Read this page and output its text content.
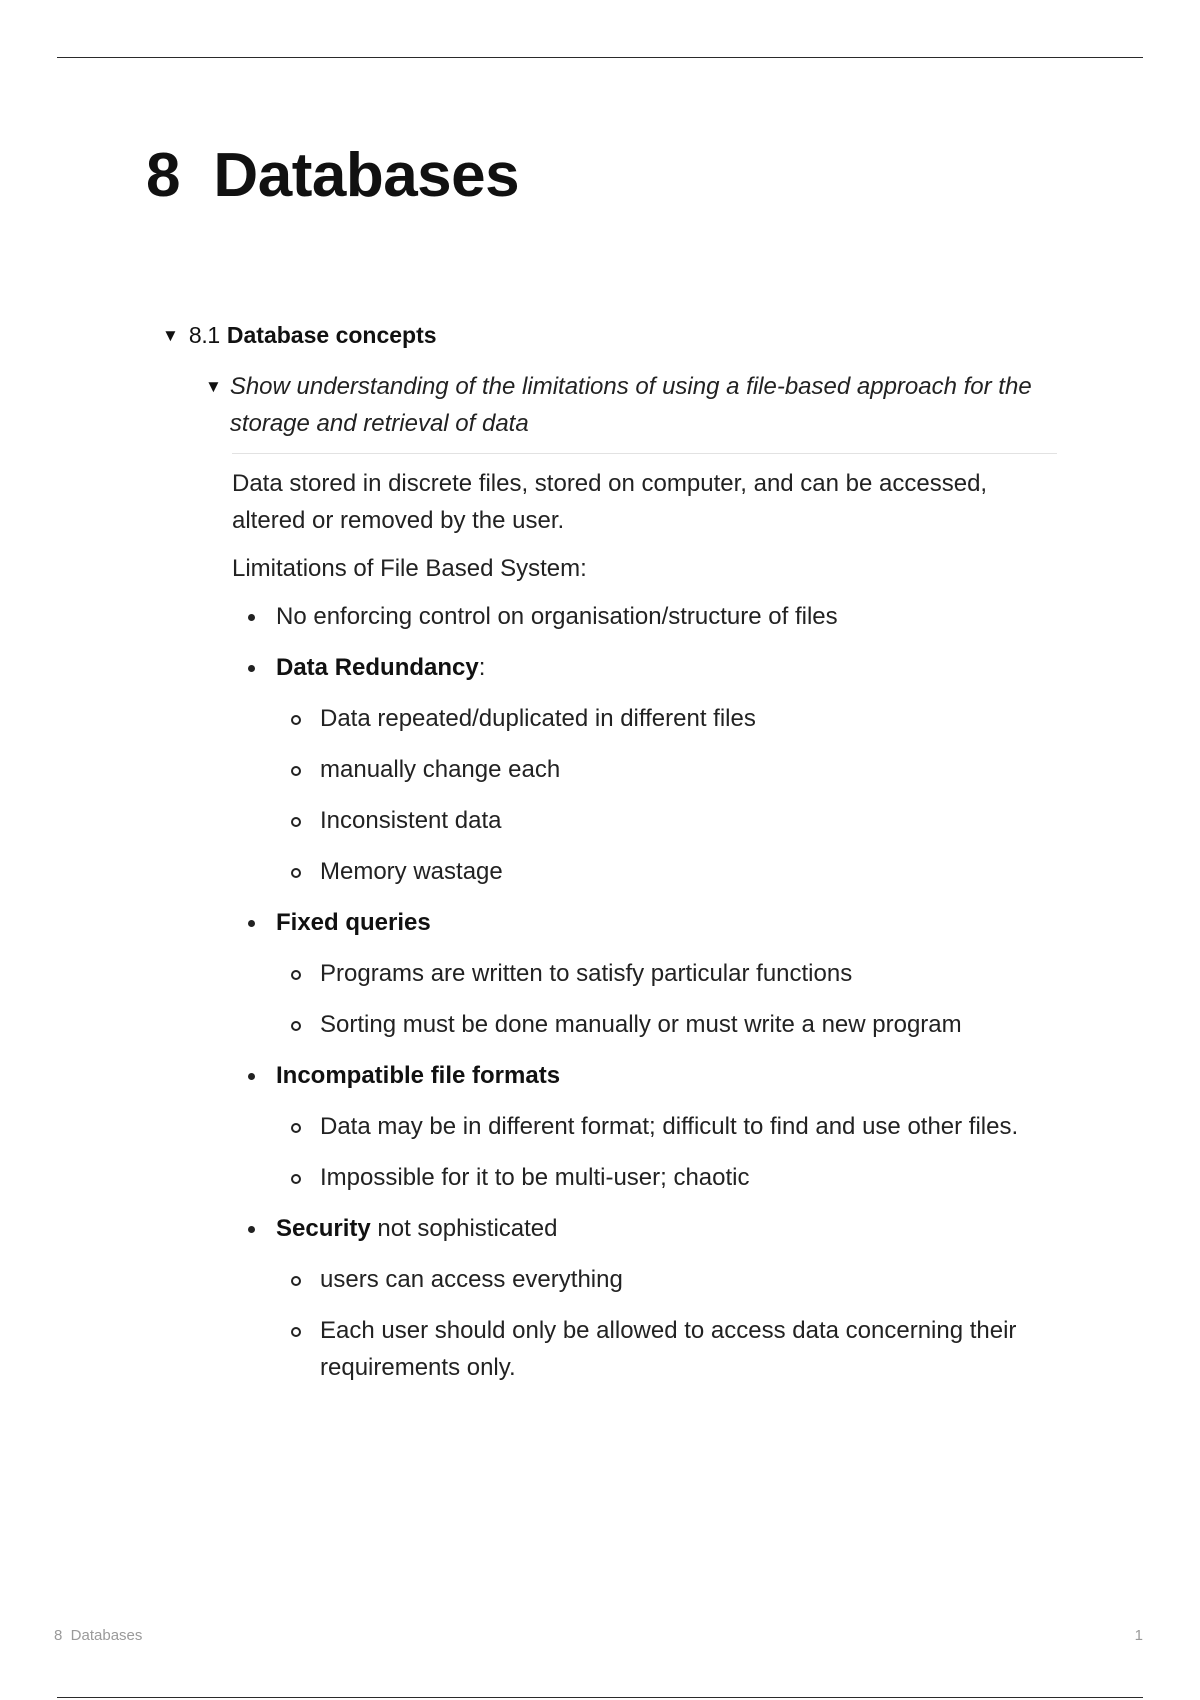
8  Databases
▼ 8.1 Database concepts
▼ Show understanding of the limitations of using a file-based approach for the storage and retrieval of data

Data stored in discrete files, stored on computer, and can be accessed, altered or removed by the user.

Limitations of File Based System:

No enforcing control on organisation/structure of files
Data Redundancy:
Data repeated/duplicated in different files
manually change each
Inconsistent data
Memory wastage
Fixed queries
Programs are written to satisfy particular functions
Sorting must be done manually or must write a new program
Incompatible file formats
Data may be in different format; difficult to find and use other files.
Impossible for it to be multi-user; chaotic
Security not sophisticated
users can access everything
Each user should only be allowed to access data concerning their requirements only.
8  Databases	1
